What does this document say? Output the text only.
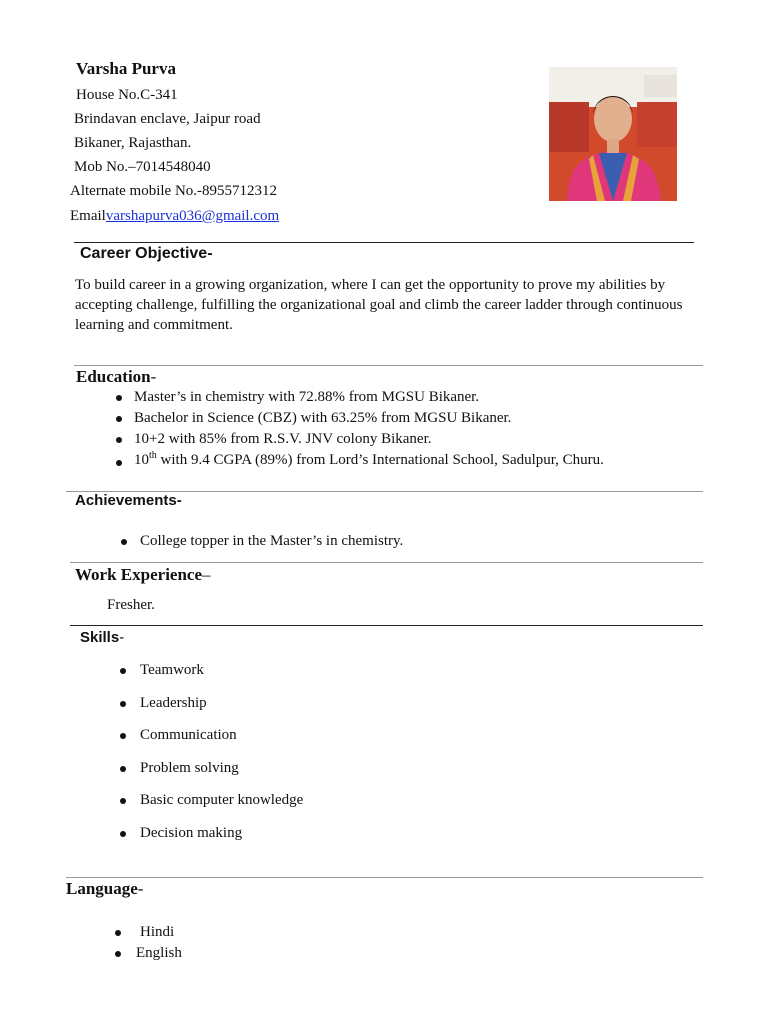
Varsha Purva
House No.C-341
Brindavan enclave, Jaipur road
Bikaner, Rajasthan.
Mob No.–7014548040
Alternate mobile No.-8955712312
Emailvarshapurva036@gmail.com
Career Objective-
To build career in a growing organization, where I can get the opportunity to prove my abilities by accepting challenge, fulfilling the organizational goal and climb the career ladder through continuous learning and commitment.
Education-
Master’s in chemistry with 72.88% from MGSU Bikaner.
Bachelor in Science (CBZ) with 63.25% from MGSU Bikaner.
10+2 with 85% from R.S.V. JNV colony Bikaner.
10th with 9.4 CGPA (89%) from Lord’s International School, Sadulpur, Churu.
Achievements-
College topper in the Master’s in chemistry.
Work Experience–
Fresher.
Skills-
Teamwork
Leadership
Communication
Problem solving
Basic computer knowledge
Decision making
Language-
Hindi
English
